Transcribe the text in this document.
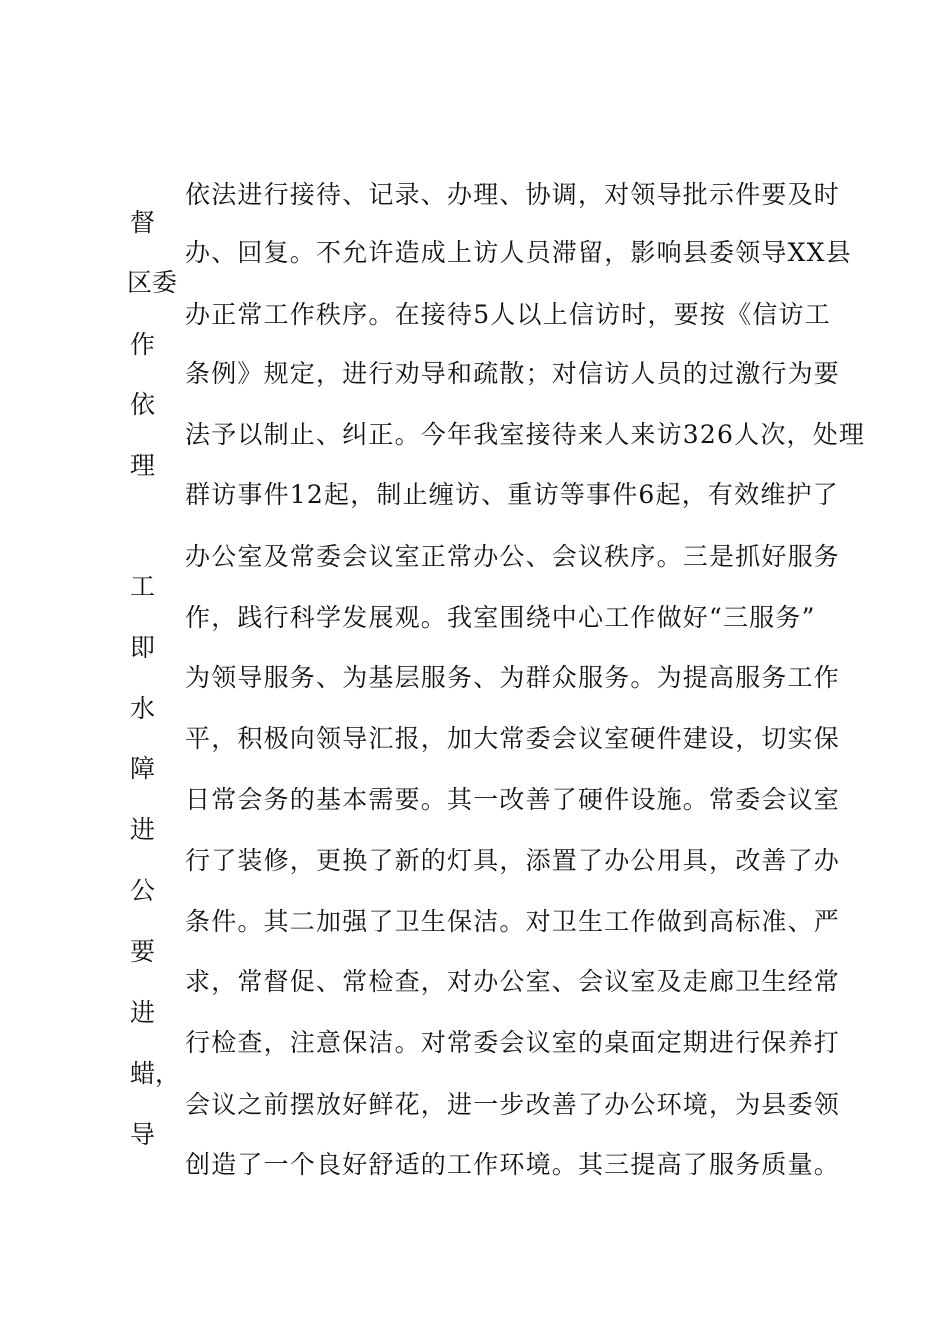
依法进行接待、记录、办理、协调，对领导批示件要及时
办、回复。不允许造成上访人员滞留，影响县委领导XX县
办正常工作秩序。在接待5人以上信访时，要按《信访工
条例》规定，进行劝导和疏散；对信访人员的过激行为要
法予以制止、纠正。今年我室接待来人来访326人次，处理
群访事件12起，制止缠访、重访等事件6起，有效维护了
办公室及常委会议室正常办公、会议秩序。三是抓好服务
作，践行科学发展观。我室围绕中心工作做好“三服务”
为领导服务、为基层服务、为群众服务。为提高服务工作
平，积极向领导汇报，加大常委会议室硬件建设，切实保
日常会务的基本需要。其一改善了硬件设施。常委会议室
行了装修，更换了新的灯具，添置了办公用具，改善了办
条件。其二加强了卫生保洁。对卫生工作做到高标准、严
求，常督促、常检查，对办公室、会议室及走廊卫生经常
行检查，注意保洁。对常委会议室的桌面定期进行保养打
会议之前摆放好鲜花，进一步改善了办公环境，为县委领
创造了一个良好舒适的工作环境。其三提高了服务质量。
督
区委
作
依
理
工
即
水
障
进
公
要
进
蜡，
导
